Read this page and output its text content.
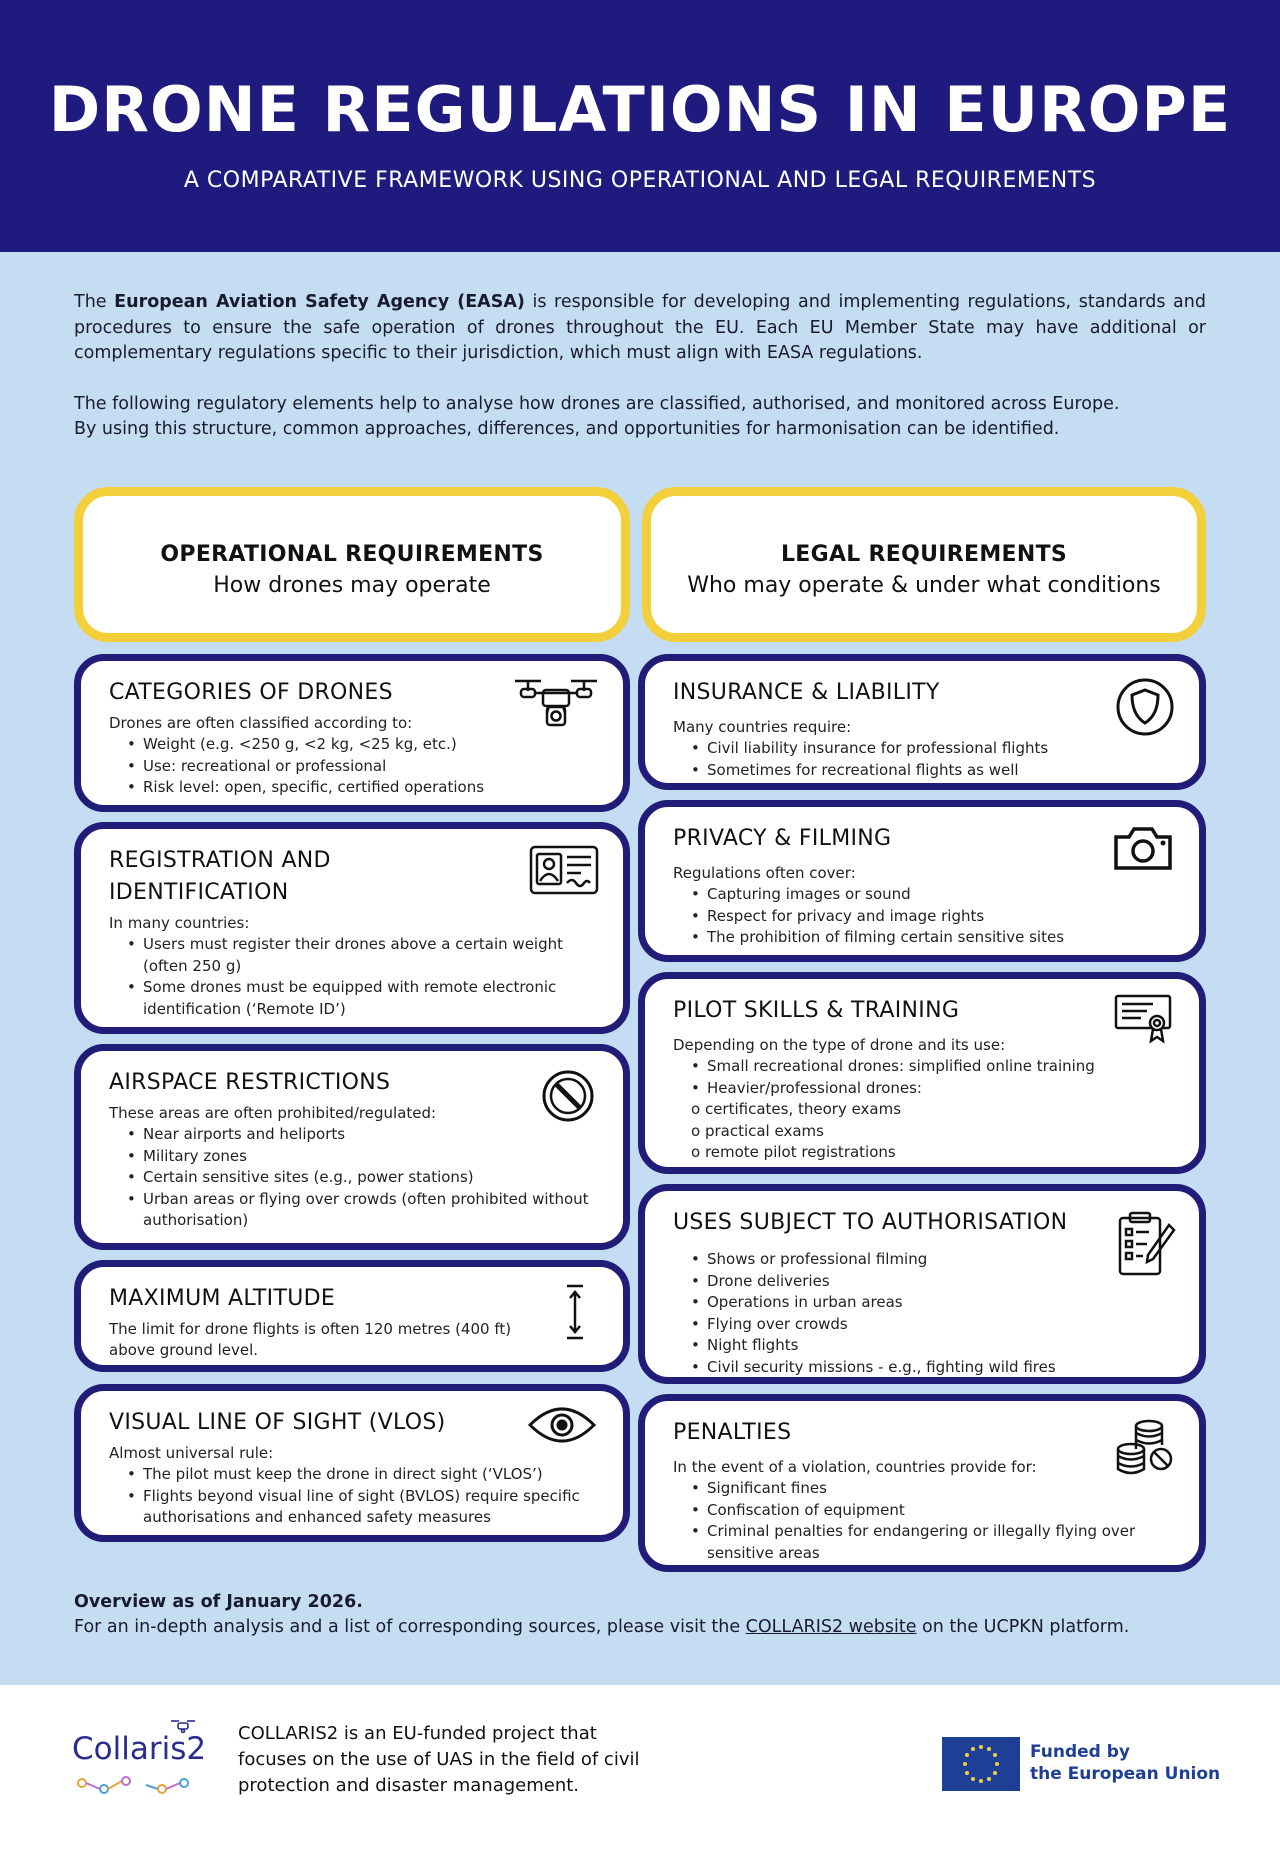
DRONE REGULATIONS IN EUROPE
A COMPARATIVE FRAMEWORK USING OPERATIONAL AND LEGAL REQUIREMENTS

The European Aviation Safety Agency (EASA) is responsible for developing and implementing regulations, standards and procedures to ensure the safe operation of drones throughout the EU. Each EU Member State may have additional or complementary regulations specific to their jurisdiction, which must align with EASA regulations.

The following regulatory elements help to analyse how drones are classified, authorised, and monitored across Europe.
By using this structure, common approaches, differences, and opportunities for harmonisation can be identified.

OPERATIONAL REQUIREMENTS
How drones may operate
LEGAL REQUIREMENTS
Who may operate & under what conditions
CATEGORIES OF DRONES
Drones are often classified according to:
• Weight (e.g. <250 g, <2 kg, <25 kg, etc.)
• Use: recreational or professional
• Risk level: open, specific, certified operations
REGISTRATION AND
IDENTIFICATION
In many countries:
• Users must register their drones above a certain weight (often 250 g)
• Some drones must be equipped with remote electronic identification (‘Remote ID’)
AIRSPACE RESTRICTIONS
These areas are often prohibited/regulated:
• Near airports and heliports
• Military zones
• Certain sensitive sites (e.g., power stations)
• Urban areas or flying over crowds (often prohibited without authorisation)
MAXIMUM ALTITUDE
The limit for drone flights is often 120 metres (400 ft) above ground level.
VISUAL LINE OF SIGHT (VLOS)
Almost universal rule:
• The pilot must keep the drone in direct sight (‘VLOS’)
• Flights beyond visual line of sight (BVLOS) require specific authorisations and enhanced safety measures
INSURANCE & LIABILITY
Many countries require:
• Civil liability insurance for professional flights
• Sometimes for recreational flights as well
PRIVACY & FILMING
Regulations often cover:
• Capturing images or sound
• Respect for privacy and image rights
• The prohibition of filming certain sensitive sites
PILOT SKILLS & TRAINING
Depending on the type of drone and its use:
• Small recreational drones: simplified online training
• Heavier/professional drones:
o certificates, theory exams
o practical exams
o remote pilot registrations
USES SUBJECT TO AUTHORISATION
• Shows or professional filming
• Drone deliveries
• Operations in urban areas
• Flying over crowds
• Night flights
• Civil security missions - e.g., fighting wild fires
PENALTIES
In the event of a violation, countries provide for:
• Significant fines
• Confiscation of equipment
• Criminal penalties for endangering or illegally flying over sensitive areas
Overview as of January 2026.
For an in-depth analysis and a list of corresponding sources, please visit the COLLARIS2 website on the UCPKN platform.
Collaris2 COLLARIS2 is an EU-funded project that focuses on the use of UAS in the field of civil protection and disaster management.
Funded by
the European Union
